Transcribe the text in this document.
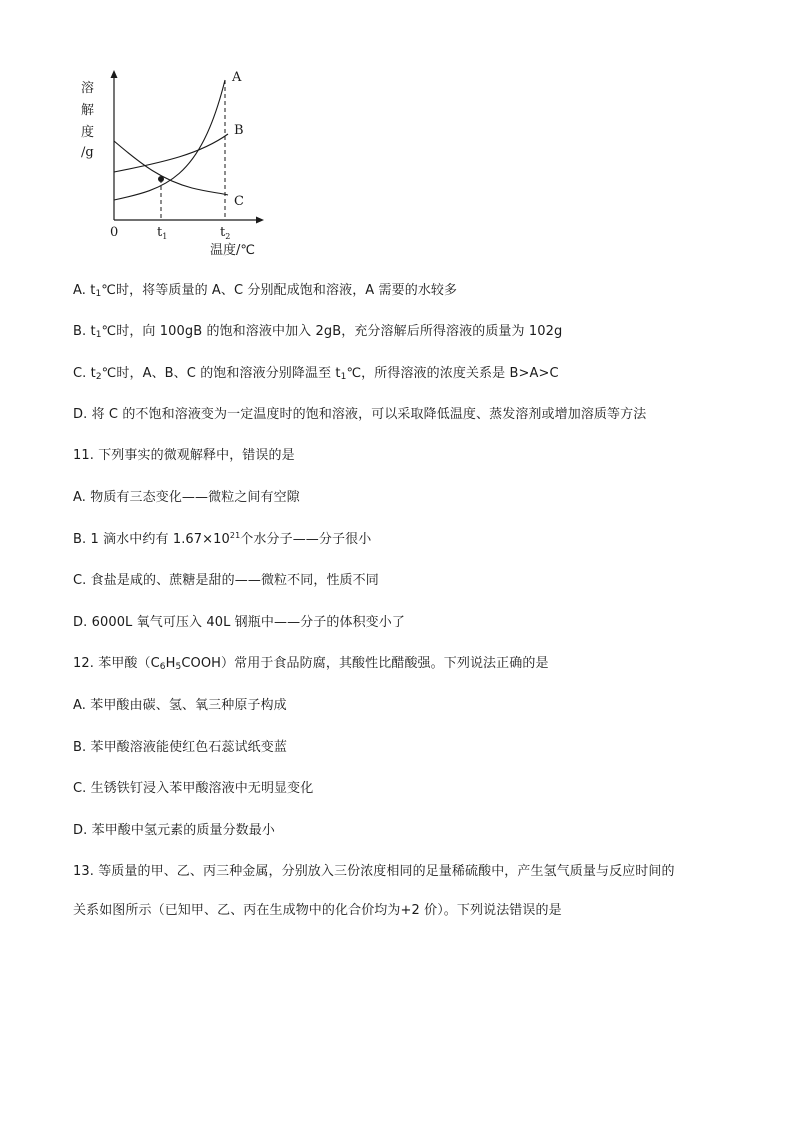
溶
解
度
/g
A
B
C
0	$t_1$	$t_2$
温度/℃
A. $t_1℃$时，将等质量的 A、C 分别配成饱和溶液，A 需要的水较多
B. $t_1℃$时，向 100gB 的饱和溶液中加入 2gB，充分溶解后所得溶液的质量为 102g
C. $t_2℃$时，A、B、C 的饱和溶液分别降温至 $t_1℃$，所得溶液的浓度关系是 B>A>C
D. 将 C 的不饱和溶液变为一定温度时的饱和溶液，可以采取降低温度、蒸发溶剂或增加溶质等方法
11. 下列事实的微观解释中，错误的是
A. 物质有三态变化——微粒之间有空隙
B. 1 滴水中约有 $1.67\times 10^{21}$个水分子——分子很小
C. 食盐是咸的、蔗糖是甜的——微粒不同，性质不同
D. 6000L 氧气可压入 40L 钢瓶中——分子的体积变小了
12. 苯甲酸$(C_6H_5COOH)$常用于食品防腐，其酸性比醋酸强。下列说法正确的是
A. 苯甲酸由碳、氢、氧三种原子构成
B. 苯甲酸溶液能使红色石蕊试纸变蓝
C. 生锈铁钉浸入苯甲酸溶液中无明显变化
D. 苯甲酸中氢元素的质量分数最小
13. 等质量的甲、乙、丙三种金属，分别放入三份浓度相同的足量稀硫酸中，产生氢气质量与反应时间的
关系如图所示（已知甲、乙、丙在生成物中的化合价均为+2 价）。下列说法错误的是
